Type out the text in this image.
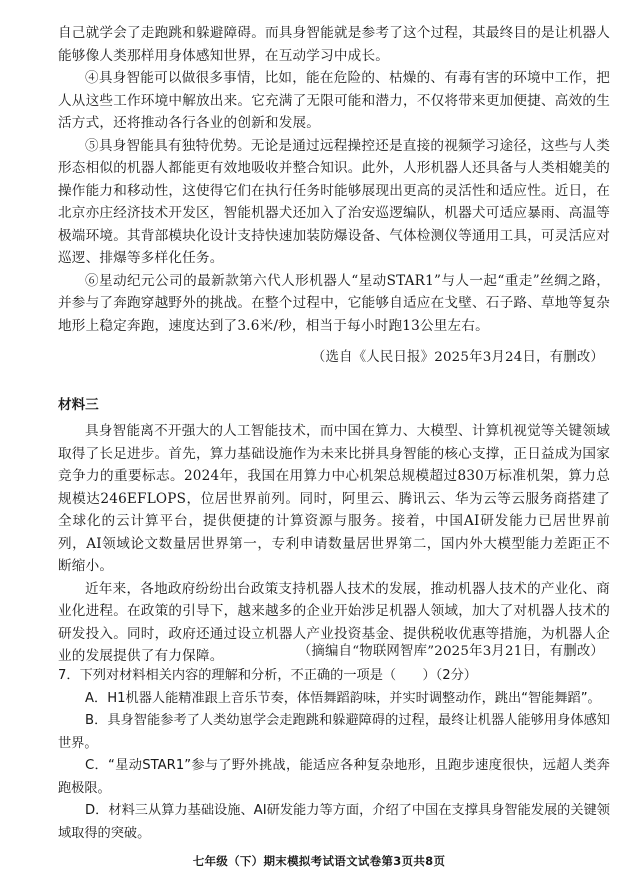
自己就学会了走跑跳和躲避障碍。而具身智能就是参考了这个过程，其最终目的是让机器人能够像人类那样用身体感知世界，在互动学习中成长。

④具身智能可以做很多事情，比如，能在危险的、枯燥的、有毒有害的环境中工作，把人从这些工作环境中解放出来。它充满了无限可能和潜力，不仅将带来更加便捷、高效的生活方式，还将推动各行各业的创新和发展。

⑤具身智能具有独特优势。无论是通过远程操控还是直接的视频学习途径，这些与人类形态相似的机器人都能更有效地吸收并整合知识。此外，人形机器人还具备与人类相媲美的操作能力和移动性，这使得它们在执行任务时能够展现出更高的灵活性和适应性。近日，在北京亦庄经济技术开发区，智能机器犬还加入了治安巡逻编队，机器犬可适应暴雨、高温等极端环境。其背部模块化设计支持快速加装防爆设备、气体检测仪等通用工具，可灵活应对巡逻、排爆等多样化任务。

⑥星动纪元公司的最新款第六代人形机器人“星动STAR1”与人一起“重走”丝绸之路，并参与了奔跑穿越野外的挑战。在整个过程中，它能够自适应在戈壁、石子路、草地等复杂地形上稳定奔跑，速度达到了3.6米/秒，相当于每小时跑13公里左右。

（选自《人民日报》2025年3月24日，有删改）
材料三

具身智能离不开强大的人工智能技术，而中国在算力、大模型、计算机视觉等关键领域取得了长足进步。首先，算力基础设施作为未来比拼具身智能的核心支撑，正日益成为国家竞争力的重要标志。2024年，我国在用算力中心机架总规模超过830万标准机架，算力总规模达246EFLOPS，位居世界前列。同时，阿里云、腾讯云、华为云等云服务商搭建了全球化的云计算平台，提供便捷的计算资源与服务。接着，中国AI研发能力已居世界前列，AI领域论文数量居世界第一，专利申请数量居世界第二，国内外大模型能力差距正不断缩小。

近年来，各地政府纷纷出台政策支持机器人技术的发展，推动机器人技术的产业化、商业化进程。在政策的引导下，越来越多的企业开始涉足机器人领域，加大了对机器人技术的研发投入。同时，政府还通过设立机器人产业投资基金、提供税收优惠等措施，为机器人企业的发展提供了有力保障。	（摘编自“物联网智库”2025年3月21日，有删改）

7．下列对材料相关内容的理解和分析，不正确的一项是（　　）（2分）

A．H1机器人能精准跟上音乐节奏，体悟舞蹈韵味，并实时调整动作，跳出“智能舞蹈”。

B．具身智能参考了人类幼崽学会走跑跳和躲避障碍的过程，最终让机器人能够用身体感知世界。

C．“星动STAR1”参与了野外挑战，能适应各种复杂地形，且跑步速度很快，远超人类奔跑极限。

D．材料三从算力基础设施、AI研发能力等方面，介绍了中国在支撑具身智能发展的关键领域取得的突破。

七年级（下）期末模拟考试语文试卷第3页共8页
